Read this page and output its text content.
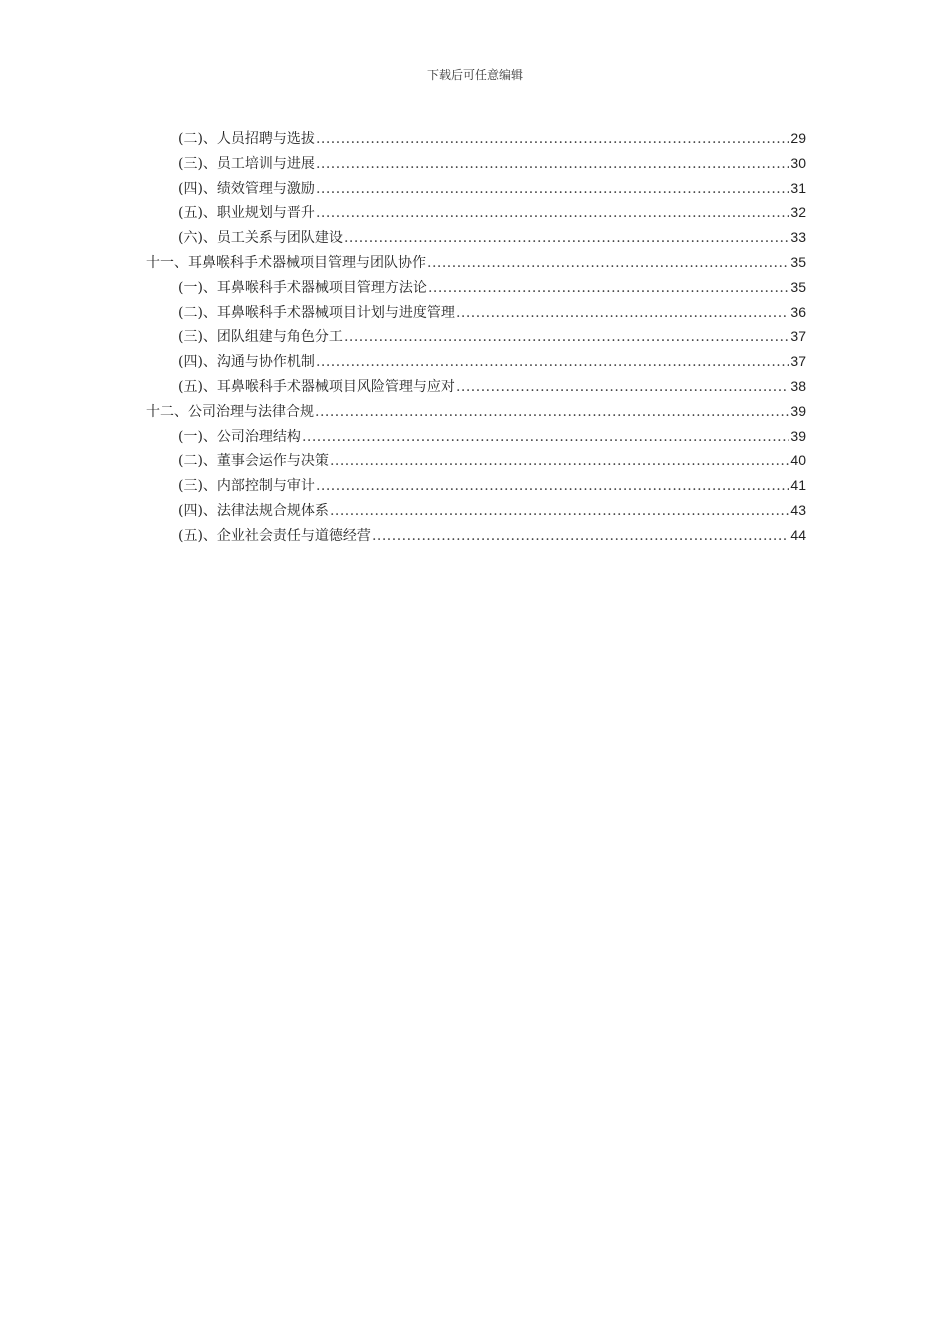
下载后可任意编辑
(二)、人员招聘与选拔 .....	29
(三)、员工培训与进展 .....	30
(四)、绩效管理与激励 .....	31
(五)、职业规划与晋升 .....	32
(六)、员工关系与团队建设 .....	33
十一、耳鼻喉科手术器械项目管理与团队协作 .....	35
(一)、耳鼻喉科手术器械项目管理方法论 .....	35
(二)、耳鼻喉科手术器械项目计划与进度管理 .....	36
(三)、团队组建与角色分工 .....	37
(四)、沟通与协作机制 .....	37
(五)、耳鼻喉科手术器械项目风险管理与应对 .....	38
十二、公司治理与法律合规 .....	39
(一)、公司治理结构 .....	39
(二)、董事会运作与决策 .....	40
(三)、内部控制与审计 .....	41
(四)、法律法规合规体系 .....	43
(五)、企业社会责任与道德经营 .....	44
